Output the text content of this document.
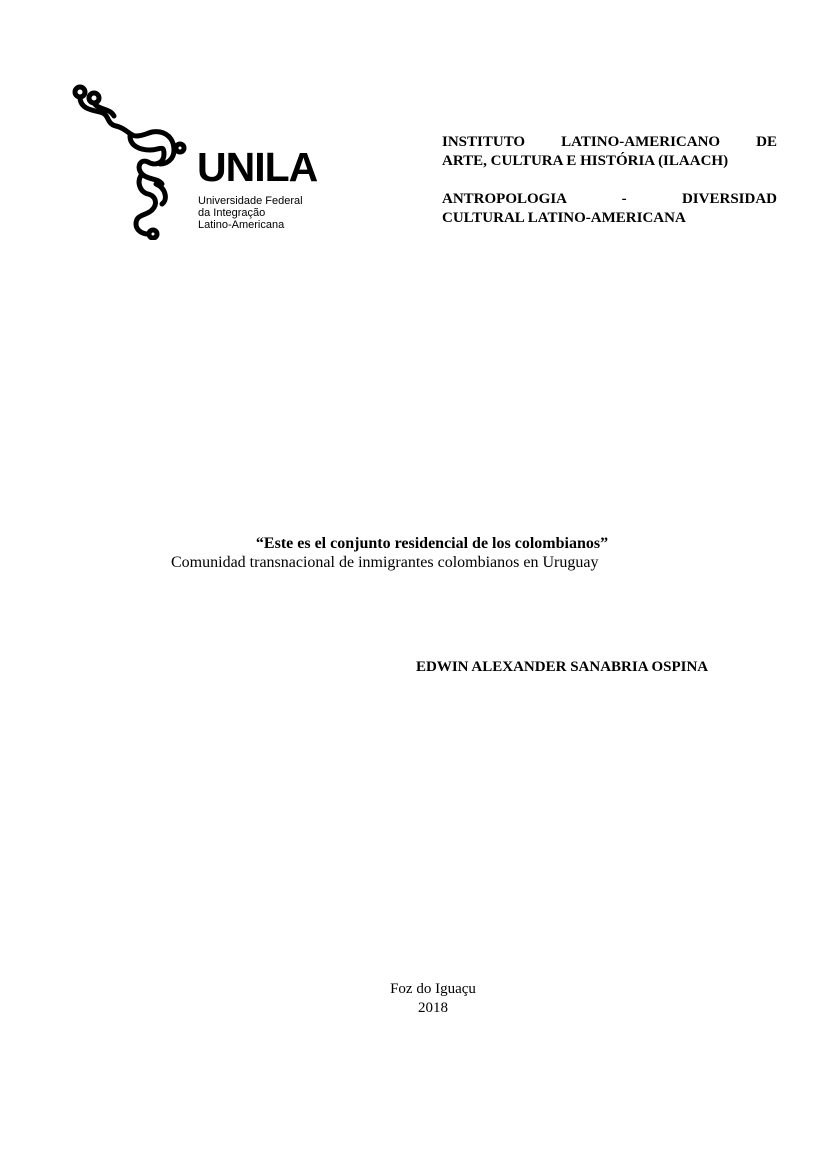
UNILA
Universidade Federal
da Integração
Latino-Americana
INSTITUTO LATINO-AMERICANO DE
ARTE, CULTURA E HISTÓRIA (ILAACH)
ANTROPOLOGIA - DIVERSIDAD
CULTURAL LATINO-AMERICANA
“Este es el conjunto residencial de los colombianos”
Comunidad transnacional de inmigrantes colombianos en Uruguay
EDWIN ALEXANDER SANABRIA OSPINA
Foz do Iguaçu
2018
